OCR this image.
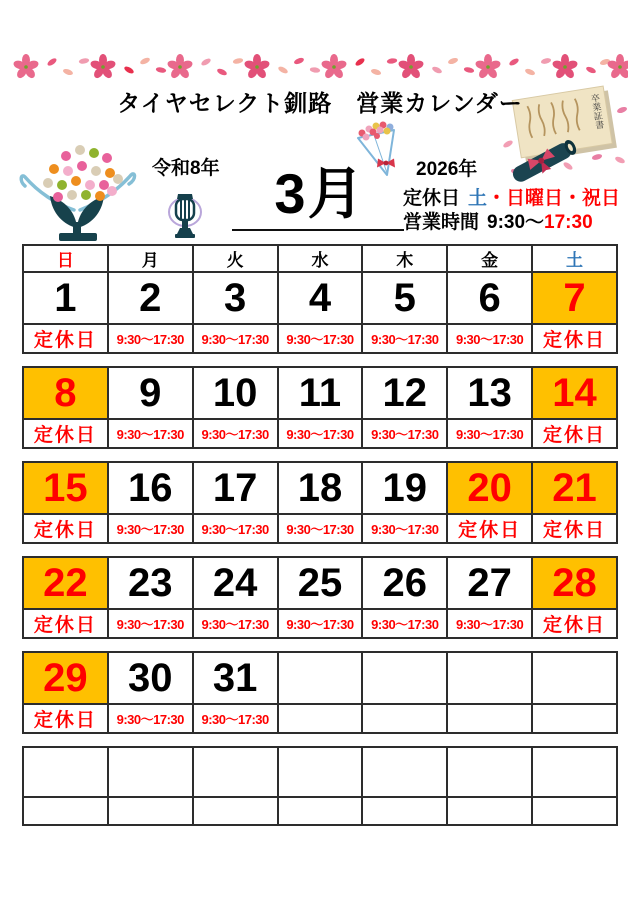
タイヤセレクト釧路　営業カレンダー
令和8年 3月	2026年
定休日 土・日曜日・祝日
営業時間 9:30～17:30
卒業証書
日	月	火	水	木	金	土
1	2	3	4	5	6	7
定休日	9:30～17:30	9:30～17:30	9:30～17:30	9:30～17:30	9:30～17:30	定休日
8	9	10	11	12	13	14
定休日	9:30～17:30	9:30～17:30	9:30～17:30	9:30～17:30	9:30～17:30	定休日
15	16	17	18	19	20	21
定休日	9:30～17:30	9:30～17:30	9:30～17:30	9:30～17:30	定休日	定休日
22	23	24	25	26	27	28
定休日	9:30～17:30	9:30～17:30	9:30～17:30	9:30～17:30	9:30～17:30	定休日
29	30	31				
定休日	9:30～17:30	9:30～17:30				
